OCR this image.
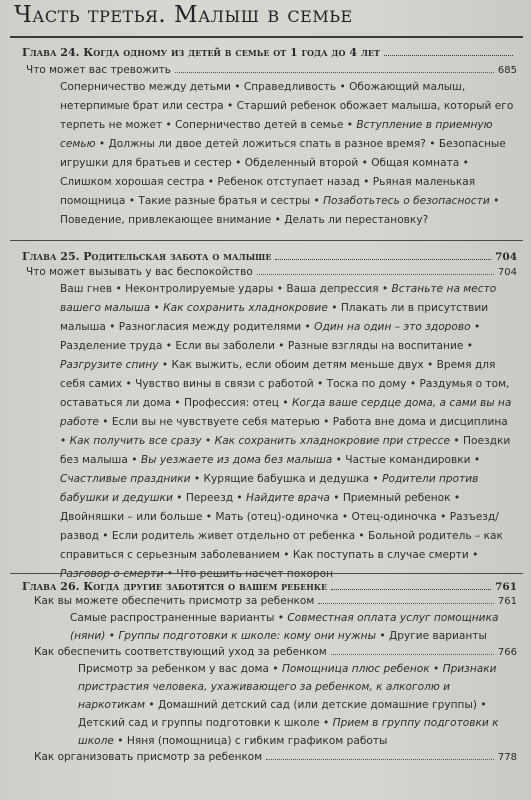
Часть третья. Малыш в семье
Глава 24. Когда одному из детей в семье от 1 года до 4 лет
Что может вас тревожить	685
Соперничество между детьми • Справедливость • Обожающий малыш, нетерпимые брат или сестра • Старший ребенок обожает малыша, который его терпеть не может • Соперничество детей в семье • Вступление в приемную семью • Должны ли двое детей ложиться спать в разное время? • Безопасные игрушки для братьев и сестер • Обделенный второй • Общая комната • Слишком хорошая сестра • Ребенок отступает назад • Рьяная маленькая помощница • Такие разные братья и сестры • Позаботьтесь о безопасности • Поведение, привлекающее внимание • Делать ли перестановку?
Глава 25. Родительская забота о малыше	704
Что может вызывать у вас беспокойство	704
Ваш гнев • Неконтролируемые удары • Ваша депрессия • Встаньте на место вашего малыша • Как сохранить хладнокровие • Плакать ли в присутствии малыша • Разногласия между родителями • Один на один – это здорово • Разделение труда • Если вы заболели • Разные взгляды на воспитание • Разгрузите спину • Как выжить, если обоим детям меньше двух • Время для себя самих • Чувство вины в связи с работой • Тоска по дому • Раздумья о том, оставаться ли дома • Профессия: отец • Когда ваше сердце дома, а сами вы на работе • Если вы не чувствуете себя матерью • Работа вне дома и дисциплина • Как получить все сразу • Как сохранить хладнокровие при стрессе • Поездки без малыша • Вы уезжаете из дома без малыша • Частые командировки • Счастливые праздники • Курящие бабушка и дедушка • Родители против бабушки и дедушки • Переезд • Найдите врача • Приемный ребенок • Двойняшки – или больше • Мать (отец)-одиночка • Отец-одиночка • Разъезд/развод • Если родитель живет отдельно от ребенка • Больной родитель – как справиться с серьезным заболеванием • Как поступать в случае смерти • Разговор о смерти • Что решить насчет похорон
Глава 26. Когда другие заботятся о вашем ребенке	761
Как вы можете обеспечить присмотр за ребенком	761
Самые распространенные варианты • Совместная оплата услуг помощника (няни) • Группы подготовки к школе: кому они нужны • Другие варианты
Как обеспечить соответствующий уход за ребенком	766
Присмотр за ребенком у вас дома • Помощница плюс ребенок • Признаки пристрастия человека, ухаживающего за ребенком, к алкоголю и наркотикам • Домашний детский сад (или детские домашние группы) • Детский сад и группы подготовки к школе • Прием в группу подготовки к школе • Няня (помощница) с гибким графиком работы
Как организовать присмотр за ребенком	778
